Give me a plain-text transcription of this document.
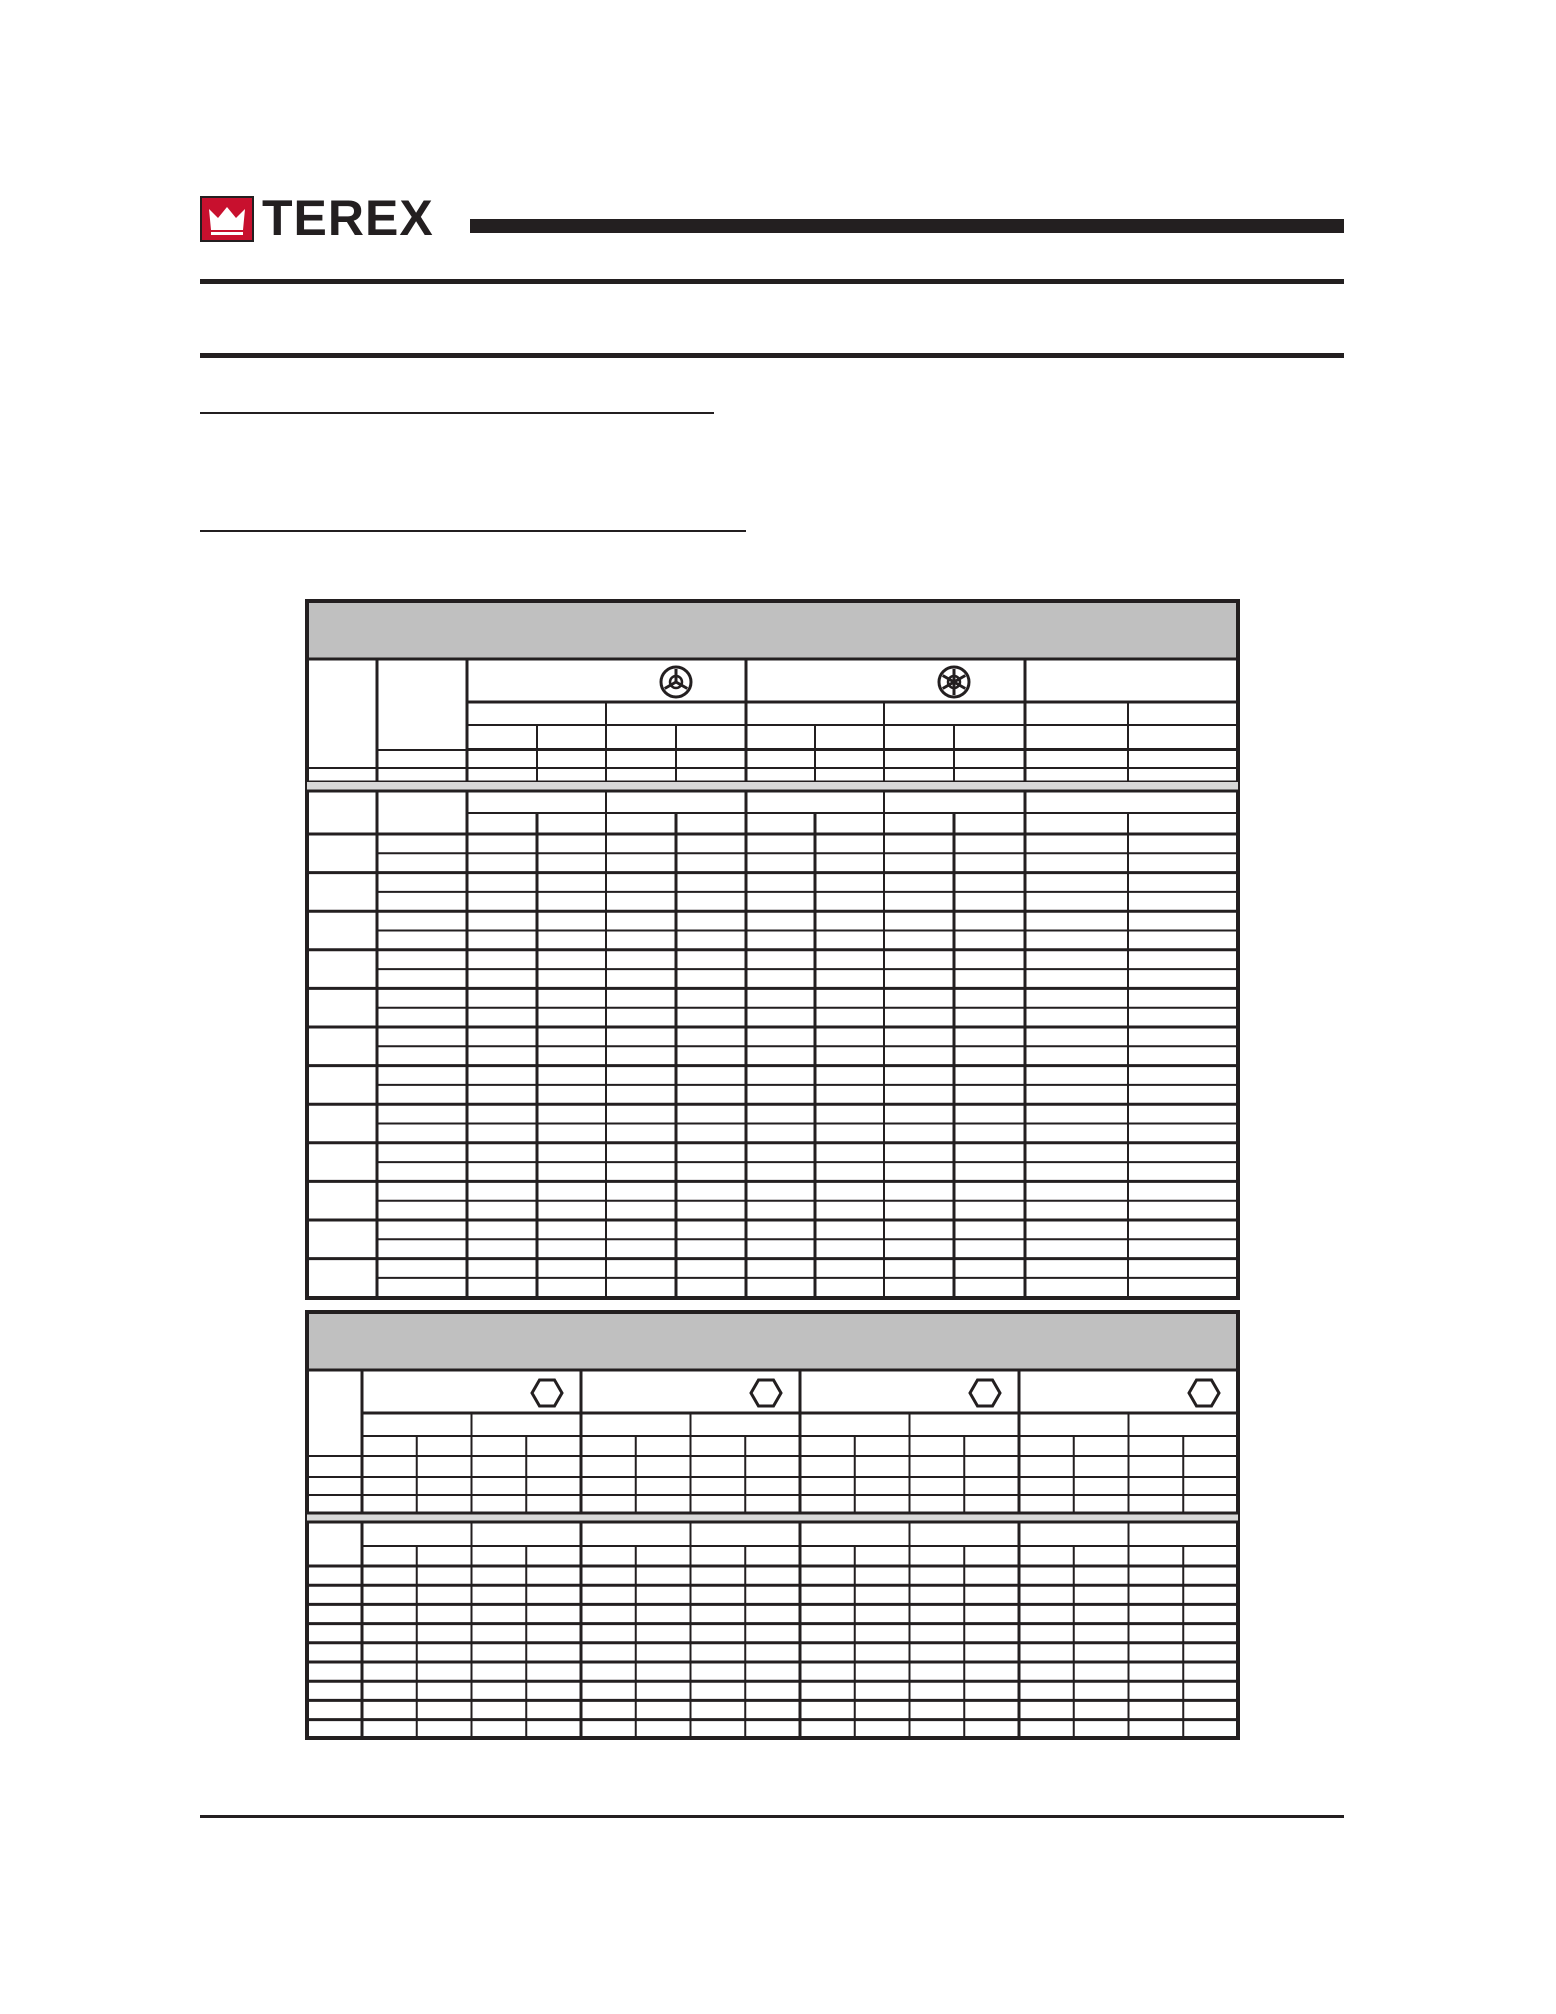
TEREX
